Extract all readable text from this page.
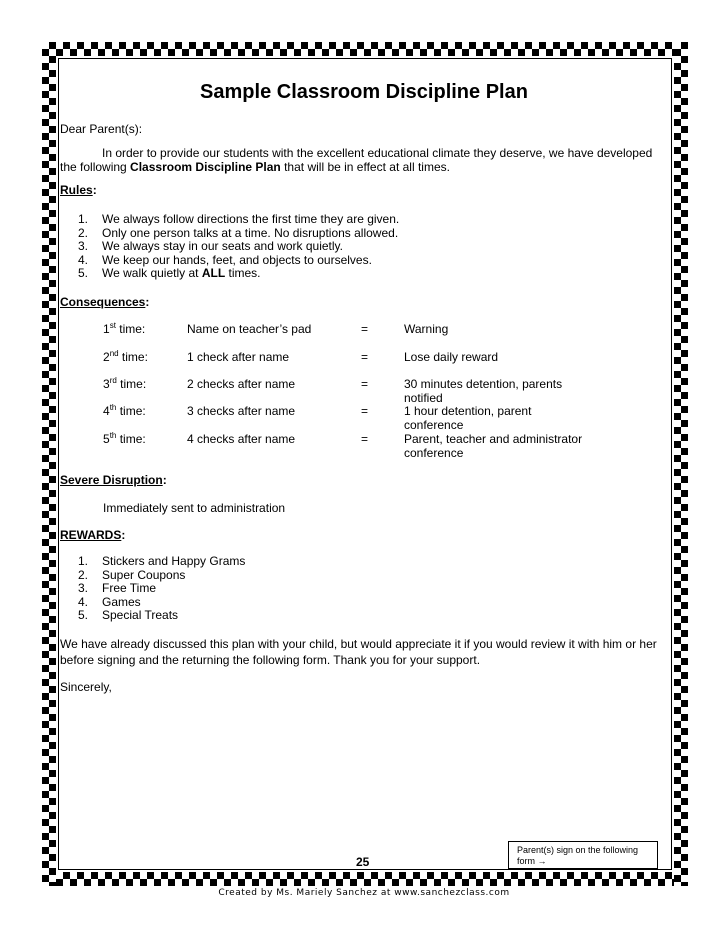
Sample Classroom Discipline Plan
Dear Parent(s):
In order to provide our students with the excellent educational climate they deserve, we have developed the following Classroom Discipline Plan that will be in effect at all times.
Rules:
1.	We always follow directions the first time they are given.
2.	Only one person talks at a time. No disruptions allowed.
3.	We always stay in our seats and work quietly.
4.	We keep our hands, feet, and objects to ourselves.
5.	We walk quietly at ALL times.
Consequences:
1st time:	Name on teacher’s pad	=	Warning
2nd time:	1 check after name	=	Lose daily reward
3rd time:	2 checks after name	=	30 minutes detention, parents notified
4th time:	3 checks after name	=	1 hour detention, parent conference
5th time:	4 checks after name	=	Parent, teacher and administrator conference
Severe Disruption:
Immediately sent to administration
REWARDS:
1.	Stickers and Happy Grams
2.	Super Coupons
3.	Free Time
4.	Games
5.	Special Treats
We have already discussed this plan with your child, but would appreciate it if you would review it with him or her before signing and the returning the following form. Thank you for your support.
Sincerely,
25
Parent(s) sign on the following form →
Created by Ms. Mariely Sanchez at www.sanchezclass.com
